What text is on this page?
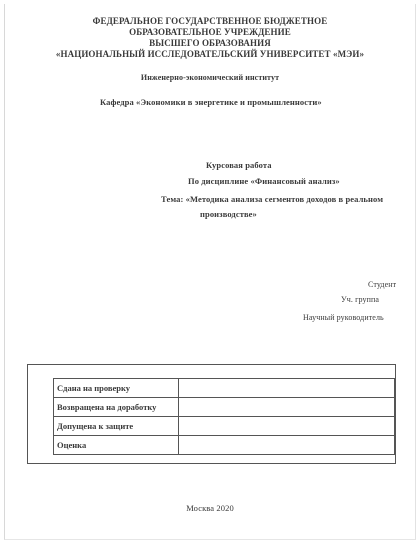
ФЕДЕРАЛЬНОЕ ГОСУДАРСТВЕННОЕ БЮДЖЕТНОЕ
ОБРАЗОВАТЕЛЬНОЕ УЧРЕЖДЕНИЕ
ВЫСШЕГО ОБРАЗОВАНИЯ
«НАЦИОНАЛЬНЫЙ ИССЛЕДОВАТЕЛЬСКИЙ УНИВЕРСИТЕТ «МЭИ»
Инженерно-экономический институт
Кафедра «Экономики в энергетике и промышленности»
Курсовая работа
По дисциплине «Финансовый анализ»
Тема: «Методика анализа сегментов доходов в реальном
производстве»
Студент
Уч. группа
Научный руководитель
Сдана на проверку	
Возвращена на доработку	
Допущена к защите	
Оценка	
Москва 2020
